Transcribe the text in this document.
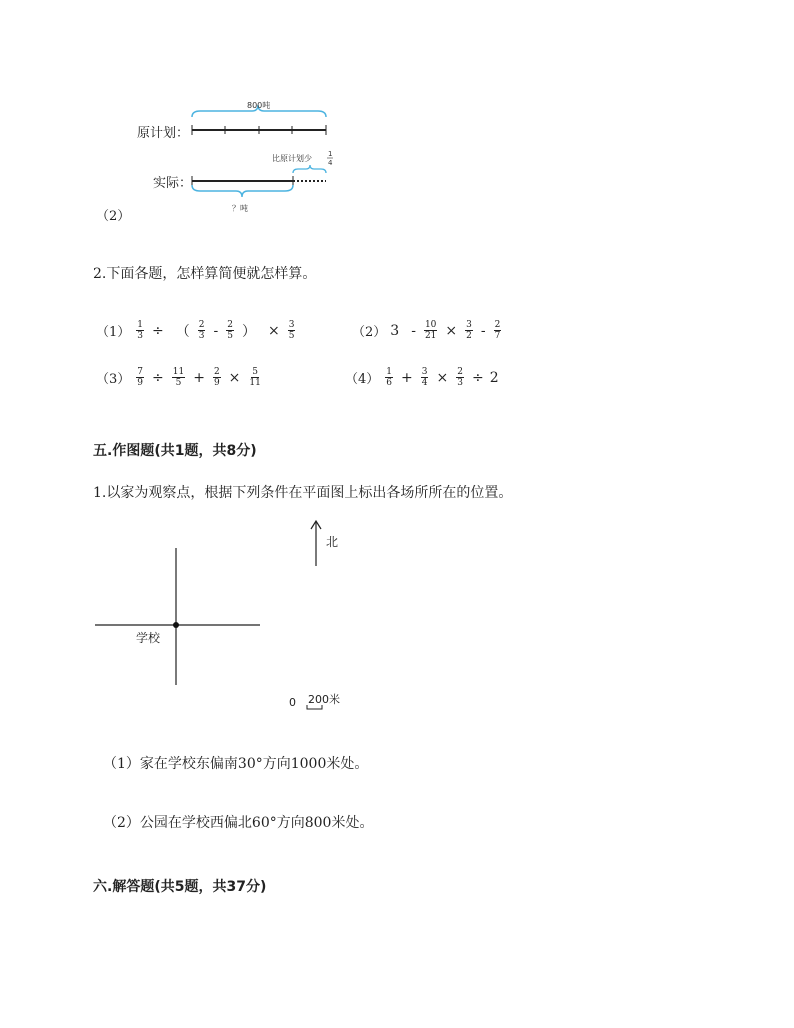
800吨
比原计划少 1
4
？吨
原计划：
实际：
（2）
2.下面各题，怎样算简便就怎样算。
$(1) \frac{1}{3}$ ÷ （ $\frac{2}{3} - \frac{2}{5}$ ） × $\frac{3}{5}$	（2） $3 - \frac{10}{21} \times \frac{3}{2} - \frac{2}{7}$
$(3) \frac{7}{9} \div \frac{11}{5} + \frac{2}{9} \times \frac{5}{11}$	$(4) \frac{1}{6} + \frac{3}{4} \times \frac{2}{3} \div 2$
五.作图题(共1题，共8分)
1.以家为观察点，根据下列条件在平面图上标出各场所所在的位置。
学校
北
0 200米
（1）家在学校东偏南30°方向1000米处。
（2）公园在学校西偏北60°方向800米处。
六.解答题(共5题，共37分)
